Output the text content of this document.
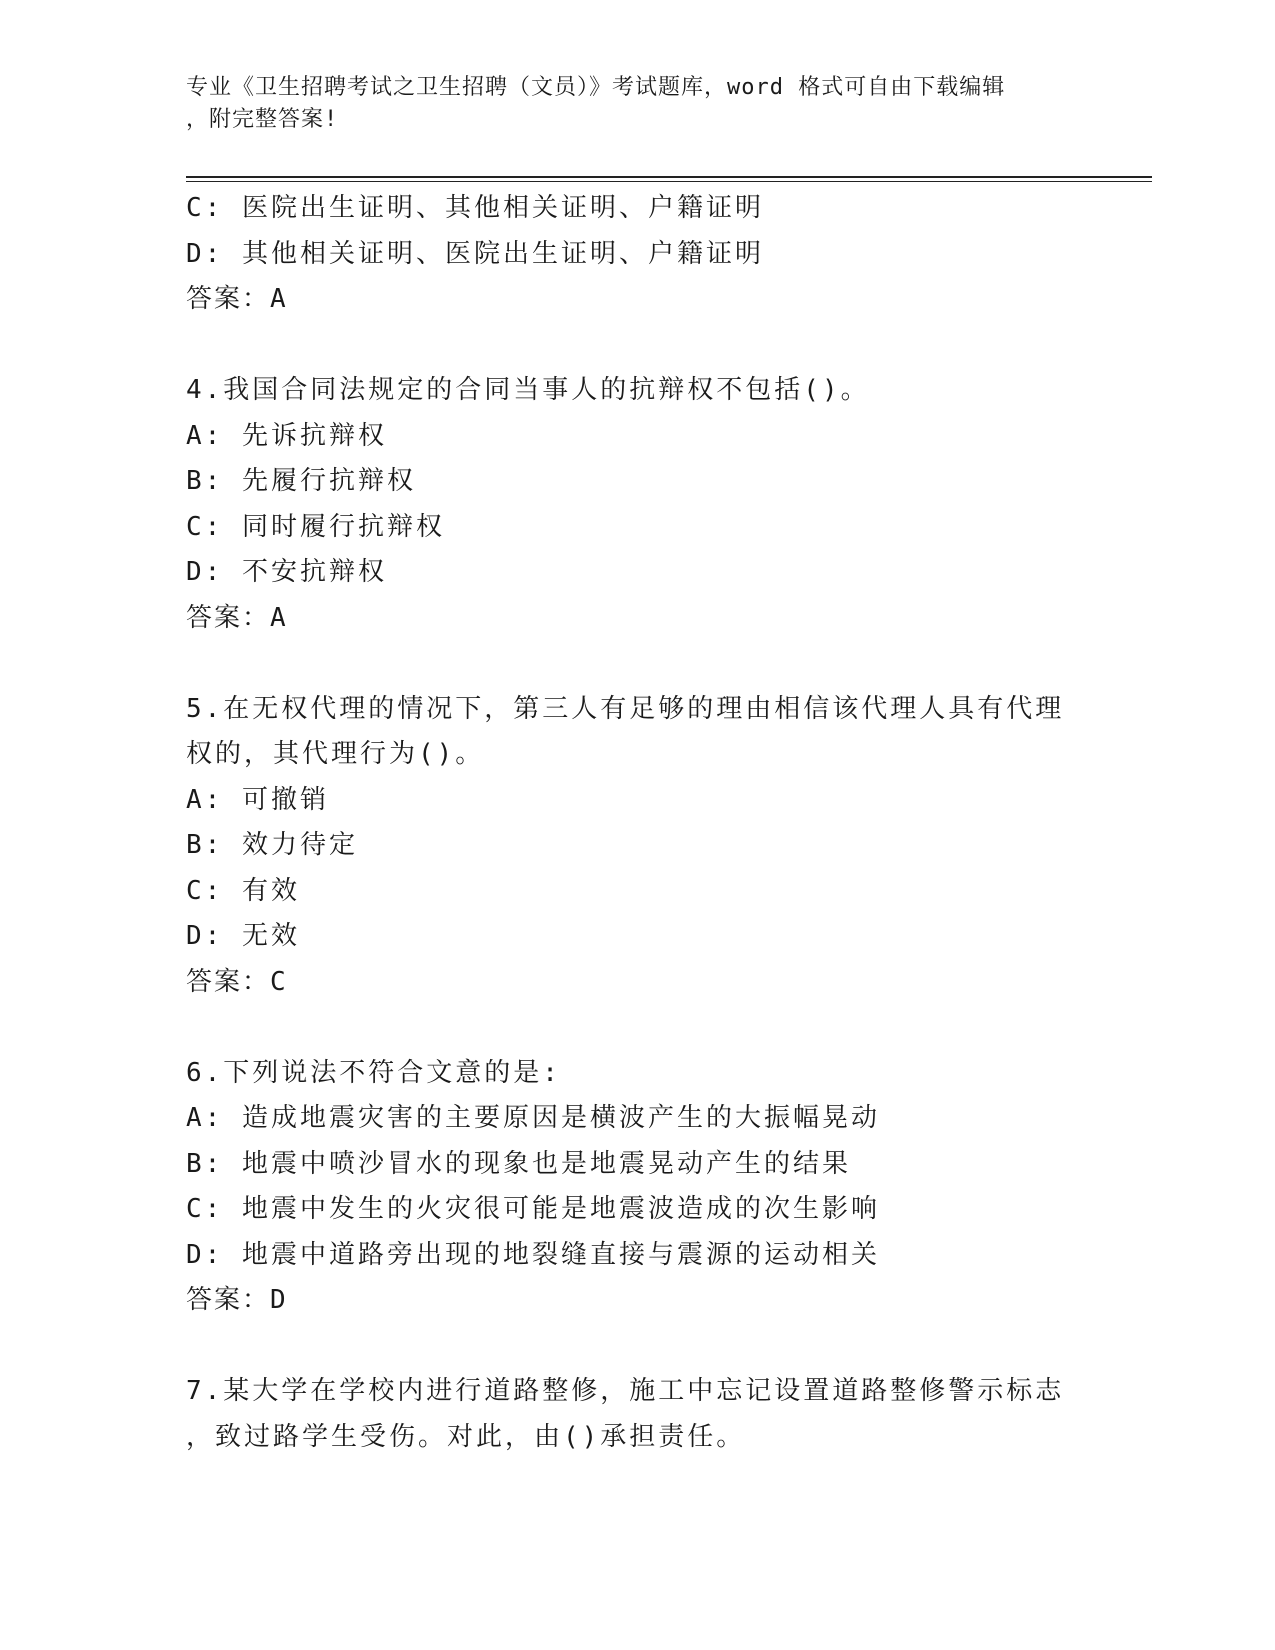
专业《卫生招聘考试之卫生招聘（文员）》考试题库，word 格式可自由下载编辑
，附完整答案!
C: 医院出生证明、其他相关证明、户籍证明
D: 其他相关证明、医院出生证明、户籍证明
答案：A
4.我国合同法规定的合同当事人的抗辩权不包括()。
A: 先诉抗辩权
B: 先履行抗辩权
C: 同时履行抗辩权
D: 不安抗辩权
答案：A
5.在无权代理的情况下，第三人有足够的理由相信该代理人具有代理
权的，其代理行为()。
A: 可撤销
B: 效力待定
C: 有效
D: 无效
答案：C
6.下列说法不符合文意的是:
A: 造成地震灾害的主要原因是横波产生的大振幅晃动
B: 地震中喷沙冒水的现象也是地震晃动产生的结果
C: 地震中发生的火灾很可能是地震波造成的次生影响
D: 地震中道路旁出现的地裂缝直接与震源的运动相关
答案：D
7.某大学在学校内进行道路整修，施工中忘记设置道路整修警示标志
，致过路学生受伤。对此，由()承担责任。
